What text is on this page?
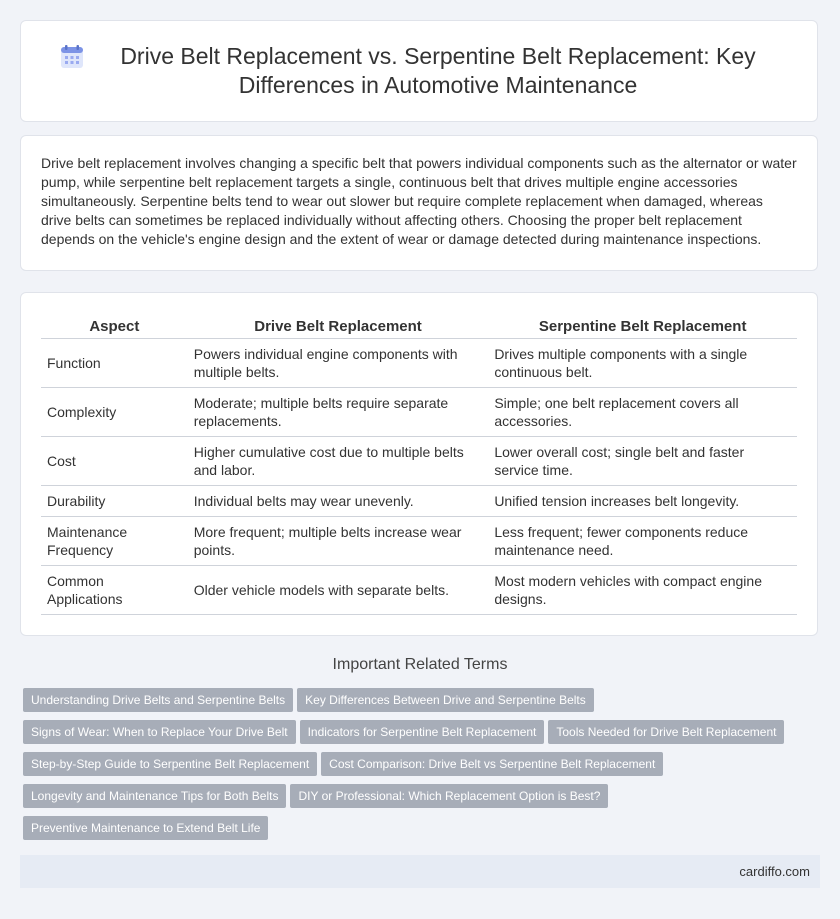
Drive Belt Replacement vs. Serpentine Belt Replacement: Key Differences in Automotive Maintenance

Drive belt replacement involves changing a specific belt that powers individual components such as the alternator or water pump, while serpentine belt replacement targets a single, continuous belt that drives multiple engine accessories simultaneously. Serpentine belts tend to wear out slower but require complete replacement when damaged, whereas drive belts can sometimes be replaced individually without affecting others. Choosing the proper belt replacement depends on the vehicle's engine design and the extent of wear or damage detected during maintenance inspections.

Aspect	Drive Belt Replacement	Serpentine Belt Replacement
Function	Powers individual engine components with multiple belts.	Drives multiple components with a single continuous belt.
Complexity	Moderate; multiple belts require separate replacements.	Simple; one belt replacement covers all accessories.
Cost	Higher cumulative cost due to multiple belts and labor.	Lower overall cost; single belt and faster service time.
Durability	Individual belts may wear unevenly.	Unified tension increases belt longevity.
Maintenance Frequency	More frequent; multiple belts increase wear points.	Less frequent; fewer components reduce maintenance need.
Common Applications	Older vehicle models with separate belts.	Most modern vehicles with compact engine designs.
Important Related Terms
Understanding Drive Belts and Serpentine Belts Key Differences Between Drive and Serpentine Belts
Signs of Wear: When to Replace Your Drive Belt Indicators for Serpentine Belt Replacement Tools Needed for Drive Belt Replacement
Step-by-Step Guide to Serpentine Belt Replacement Cost Comparison: Drive Belt vs Serpentine Belt Replacement
Longevity and Maintenance Tips for Both Belts DIY or Professional: Which Replacement Option is Best?
Preventive Maintenance to Extend Belt Life
cardiffo.com
